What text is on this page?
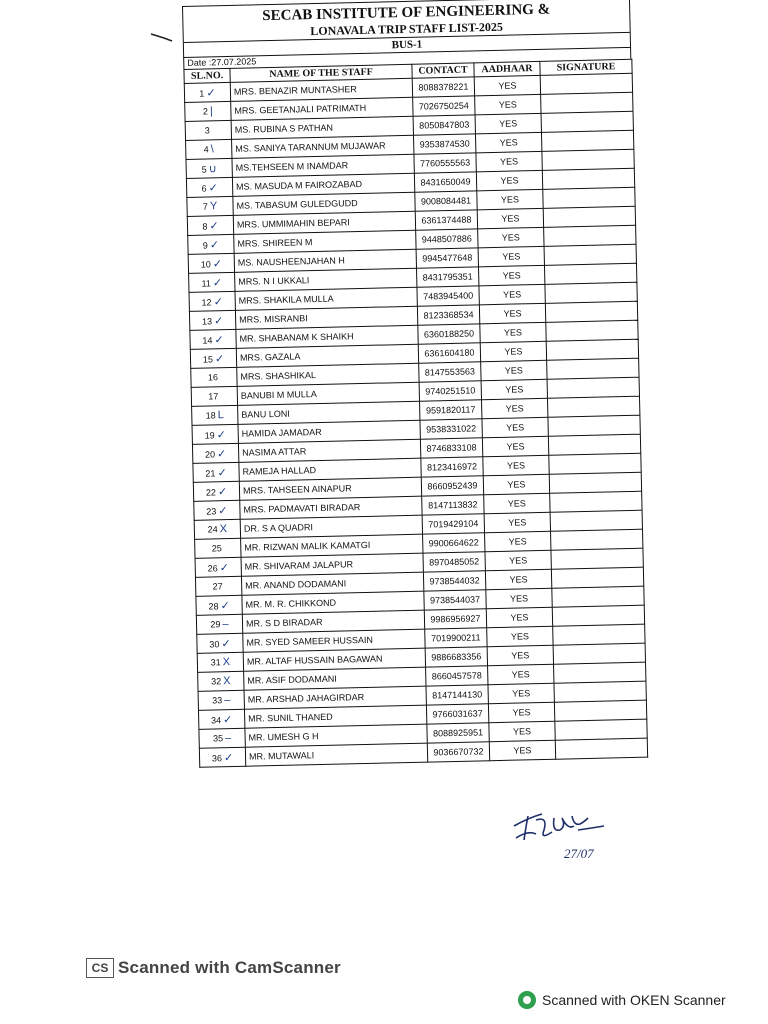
SECAB INSTITUTE OF ENGINEERING &
LONAVALA TRIP STAFF LIST-2025
BUS-1
Date :27.07.2025
SL.NO.	NAME OF THE STAFF	CONTACT	AADHAAR	SIGNATURE
1 ✓	MRS. BENAZIR MUNTASHER	8088378221	YES	
2 |	MRS. GEETANJALI PATRIMATH	7026750254	YES	
3	MS. RUBINA S PATHAN	8050847803	YES	
4 \	MS. SANIYA TARANNUM MUJAWAR	9353874530	YES	
5 ∪	MS.TEHSEEN M INAMDAR	7760555563	YES	
6 ✓	MS. MASUDA M FAIROZABAD	8431650049	YES	
7 Y	MS. TABASUM GULEDGUDD	9008084481	YES	
8 ✓	MRS. UMMIMAHIN BEPARI	6361374488	YES	
9 ✓	MRS. SHIREEN M	9448507886	YES	
10 ✓	MS. NAUSHEENJAHAN H	9945477648	YES	
11 ✓	MRS. N I UKKALI	8431795351	YES	
12 ✓	MRS. SHAKILA MULLA	7483945400	YES	
13 ✓	MRS. MISRANBI	8123368534	YES	
14 ✓	MR. SHABANAM K SHAIKH	6360188250	YES	
15 ✓	MRS. GAZALA	6361604180	YES	
16	MRS. SHASHIKAL	8147553563	YES	
17	BANUBI M MULLA	9740251510	YES	
18 L	BANU LONI	9591820117	YES	
19 ✓	HAMIDA JAMADAR	9538331022	YES	
20 ✓	NASIMA ATTAR	8746833108	YES	
21 ✓	RAMEJA HALLAD	8123416972	YES	
22 ✓	MRS. TAHSEEN AINAPUR	8660952439	YES	
23 ✓	MRS. PADMAVATI BIRADAR	8147113832	YES	
24 X	DR. S A QUADRI	7019429104	YES	
25	MR. RIZWAN MALIK KAMATGI	9900664622	YES	
26 ✓	MR. SHIVARAM JALAPUR	8970485052	YES	
27	MR. ANAND DODAMANI	9738544032	YES	
28 ✓	MR. M. R. CHIKKOND	9738544037	YES	
29 –	MR. S D BIRADAR	9986956927	YES	
30 ✓	MR. SYED SAMEER HUSSAIN	7019900211	YES	
31 X	MR. ALTAF HUSSAIN BAGAWAN	9886683356	YES	
32 X	MR. ASIF DODAMANI	8660457578	YES	
33 –	MR. ARSHAD JAHAGIRDAR	8147144130	YES	
34 ✓	MR. SUNIL THANED	9766031637	YES	
35 –	MR. UMESH G H	8088925951	YES	
36 ✓	MR. MUTAWALI	9036670732	YES	
27/07
CS Scanned with CamScanner
Scanned with OKEN Scanner
